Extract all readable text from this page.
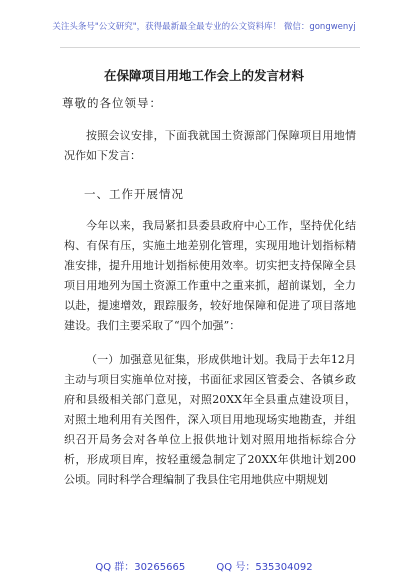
关注头条号"公文研究"，获得最新最全最专业的公文资料库！ 微信：gongwenyj
在保障项目用地工作会上的发言材料
尊敬的各位领导：

按照会议安排，下面我就国土资源部门保障项目用地情况作如下发言：

一、工作开展情况

今年以来，我局紧扣县委县政府中心工作，坚持优化结构、有保有压，实施土地差别化管理，实现用地计划指标精准安排，提升用地计划指标使用效率。切实把支持保障全县项目用地列为国土资源工作重中之重来抓，超前谋划，全力以赴，提速增效，跟踪服务，较好地保障和促进了项目落地建设。我们主要采取了“四个加强”：

（一）加强意见征集，形成供地计划。我局于去年12月主动与项目实施单位对接，书面征求园区管委会、各镇乡政府和县级相关部门意见，对照20XX年全县重点建设项目，对照土地利用有关图件，深入项目用地现场实地勘查，并组织召开局务会对各单位上报供地计划对照用地指标综合分析，形成项目库，按轻重缓急制定了20XX年供地计划200公顷。同时科学合理编制了我县住宅用地供应中期规划

QQ 群：30265665	QQ 号：535304092
